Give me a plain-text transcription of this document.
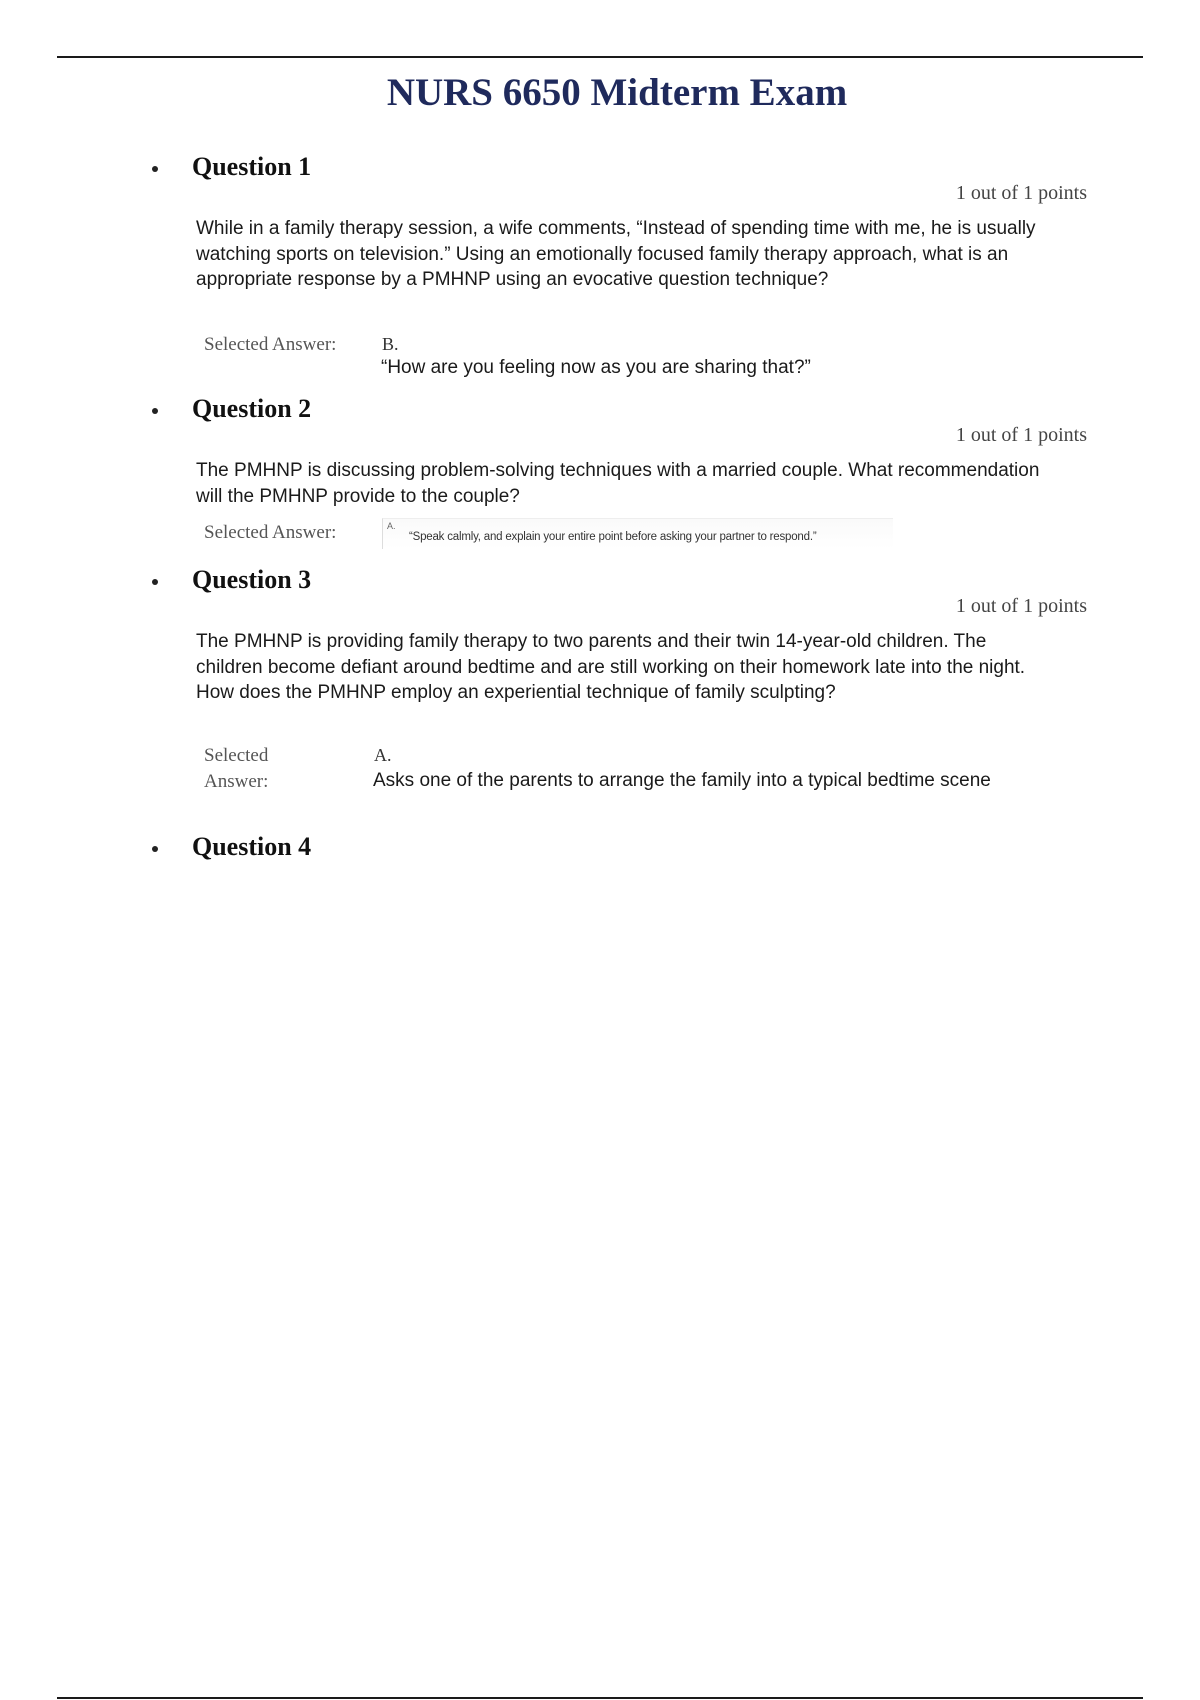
NURS 6650 Midterm Exam
Question 1
1 out of 1 points
While in a family therapy session, a wife comments, “Instead of spending time with me, he is usually watching sports on television.” Using an emotionally focused family therapy approach, what is an appropriate response by a PMHNP using an evocative question technique?
Selected Answer:	B.
“How are you feeling now as you are sharing that?”
Question 2
1 out of 1 points
The PMHNP is discussing problem-solving techniques with a married couple. What recommendation will the PMHNP provide to the couple?
Selected Answer:	A.
“Speak calmly, and explain your entire point before asking your partner to respond.”
Question 3
1 out of 1 points
The PMHNP is providing family therapy to two parents and their twin 14-year-old children. The children become defiant around bedtime and are still working on their homework late into the night. How does the PMHNP employ an experiential technique of family sculpting?
Selected
Answer:
A.
Asks one of the parents to arrange the family into a typical bedtime scene
Question 4
